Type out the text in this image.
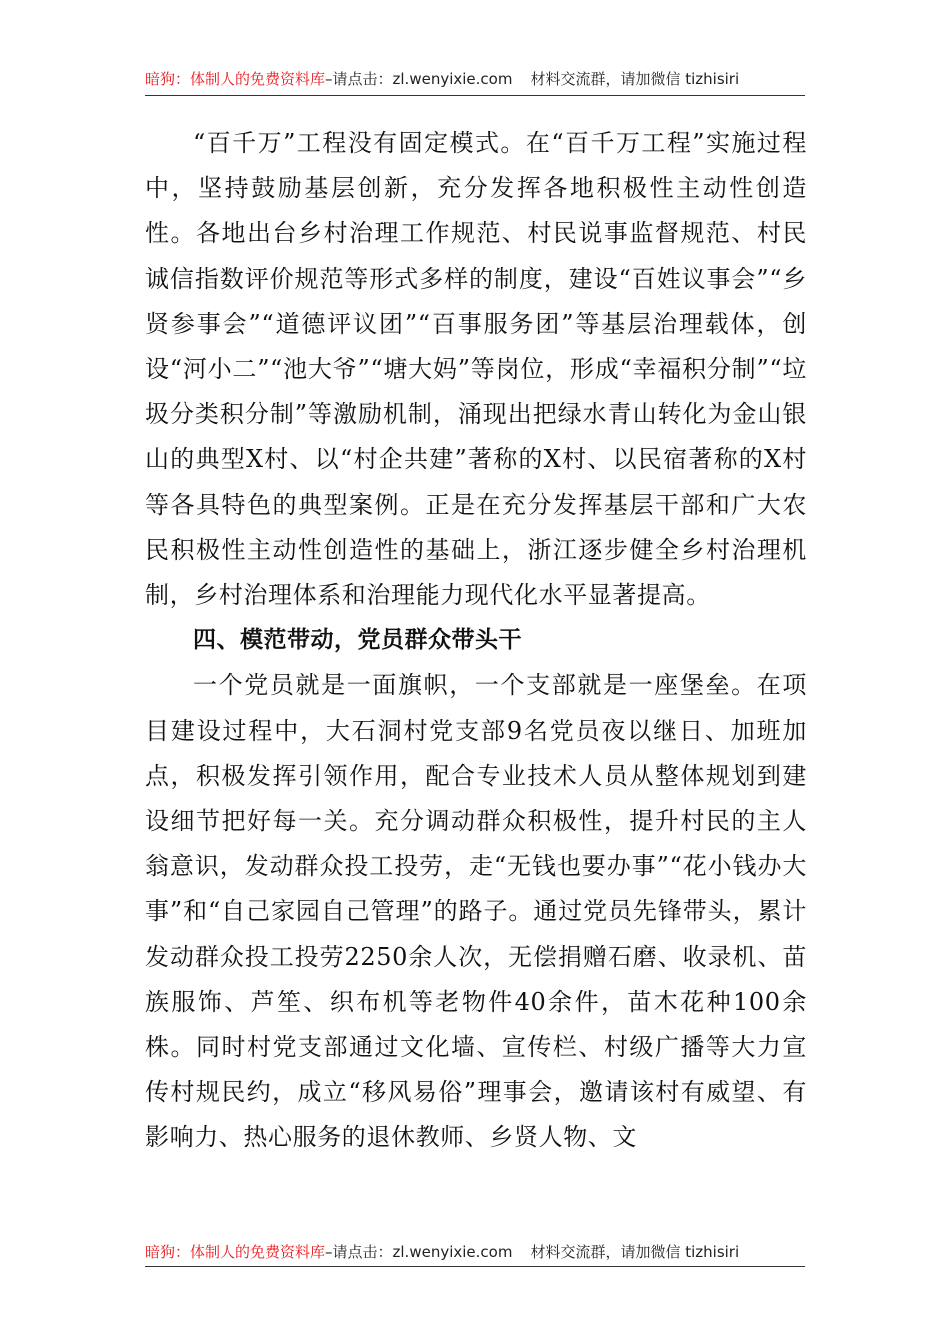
暗狗：体制人的免费资料库 –请点击：zl.wenyixie.com 材料交流群，请加微信 tizhisiri

“百千万”工程没有固定模式。在“百千万工程”实施过程中，坚持鼓励基层创新，充分发挥各地积极性主动性创造性。各地出台乡村治理工作规范、村民说事监督规范、村民诚信指数评价规范等形式多样的制度，建设“百姓议事会”“乡贤参事会”“道德评议团”“百事服务团”等基层治理载体，创设“河小二”“池大爷”“塘大妈”等岗位，形成“幸福积分制”“垃圾分类积分制”等激励机制，涌现出把绿水青山转化为金山银山的典型X村、以“村企共建”著称的X村、以民宿著称的X村等各具特色的典型案例。正是在充分发挥基层干部和广大农民积极性主动性创造性的基础上，浙江逐步健全乡村治理机制，乡村治理体系和治理能力现代化水平显著提高。

四、模范带动，党员群众带头干

一个党员就是一面旗帜，一个支部就是一座堡垒。在项目建设过程中，大石洞村党支部9名党员夜以继日、加班加点，积极发挥引领作用，配合专业技术人员从整体规划到建设细节把好每一关。充分调动群众积极性，提升村民的主人翁意识，发动群众投工投劳，走“无钱也要办事”“花小钱办大事”和“自己家园自己管理”的路子。通过党员先锋带头，累计发动群众投工投劳2250余人次，无偿捐赠石磨、收录机、苗族服饰、芦笙、织布机等老物件40余件，苗木花种100余株。同时村党支部通过文化墙、宣传栏、村级广播等大力宣传村规民约，成立“移风易俗”理事会，邀请该村有威望、有影响力、热心服务的退休教师、乡贤人物、文

暗狗：体制人的免费资料库 –请点击：zl.wenyixie.com 材料交流群，请加微信 tizhisiri
